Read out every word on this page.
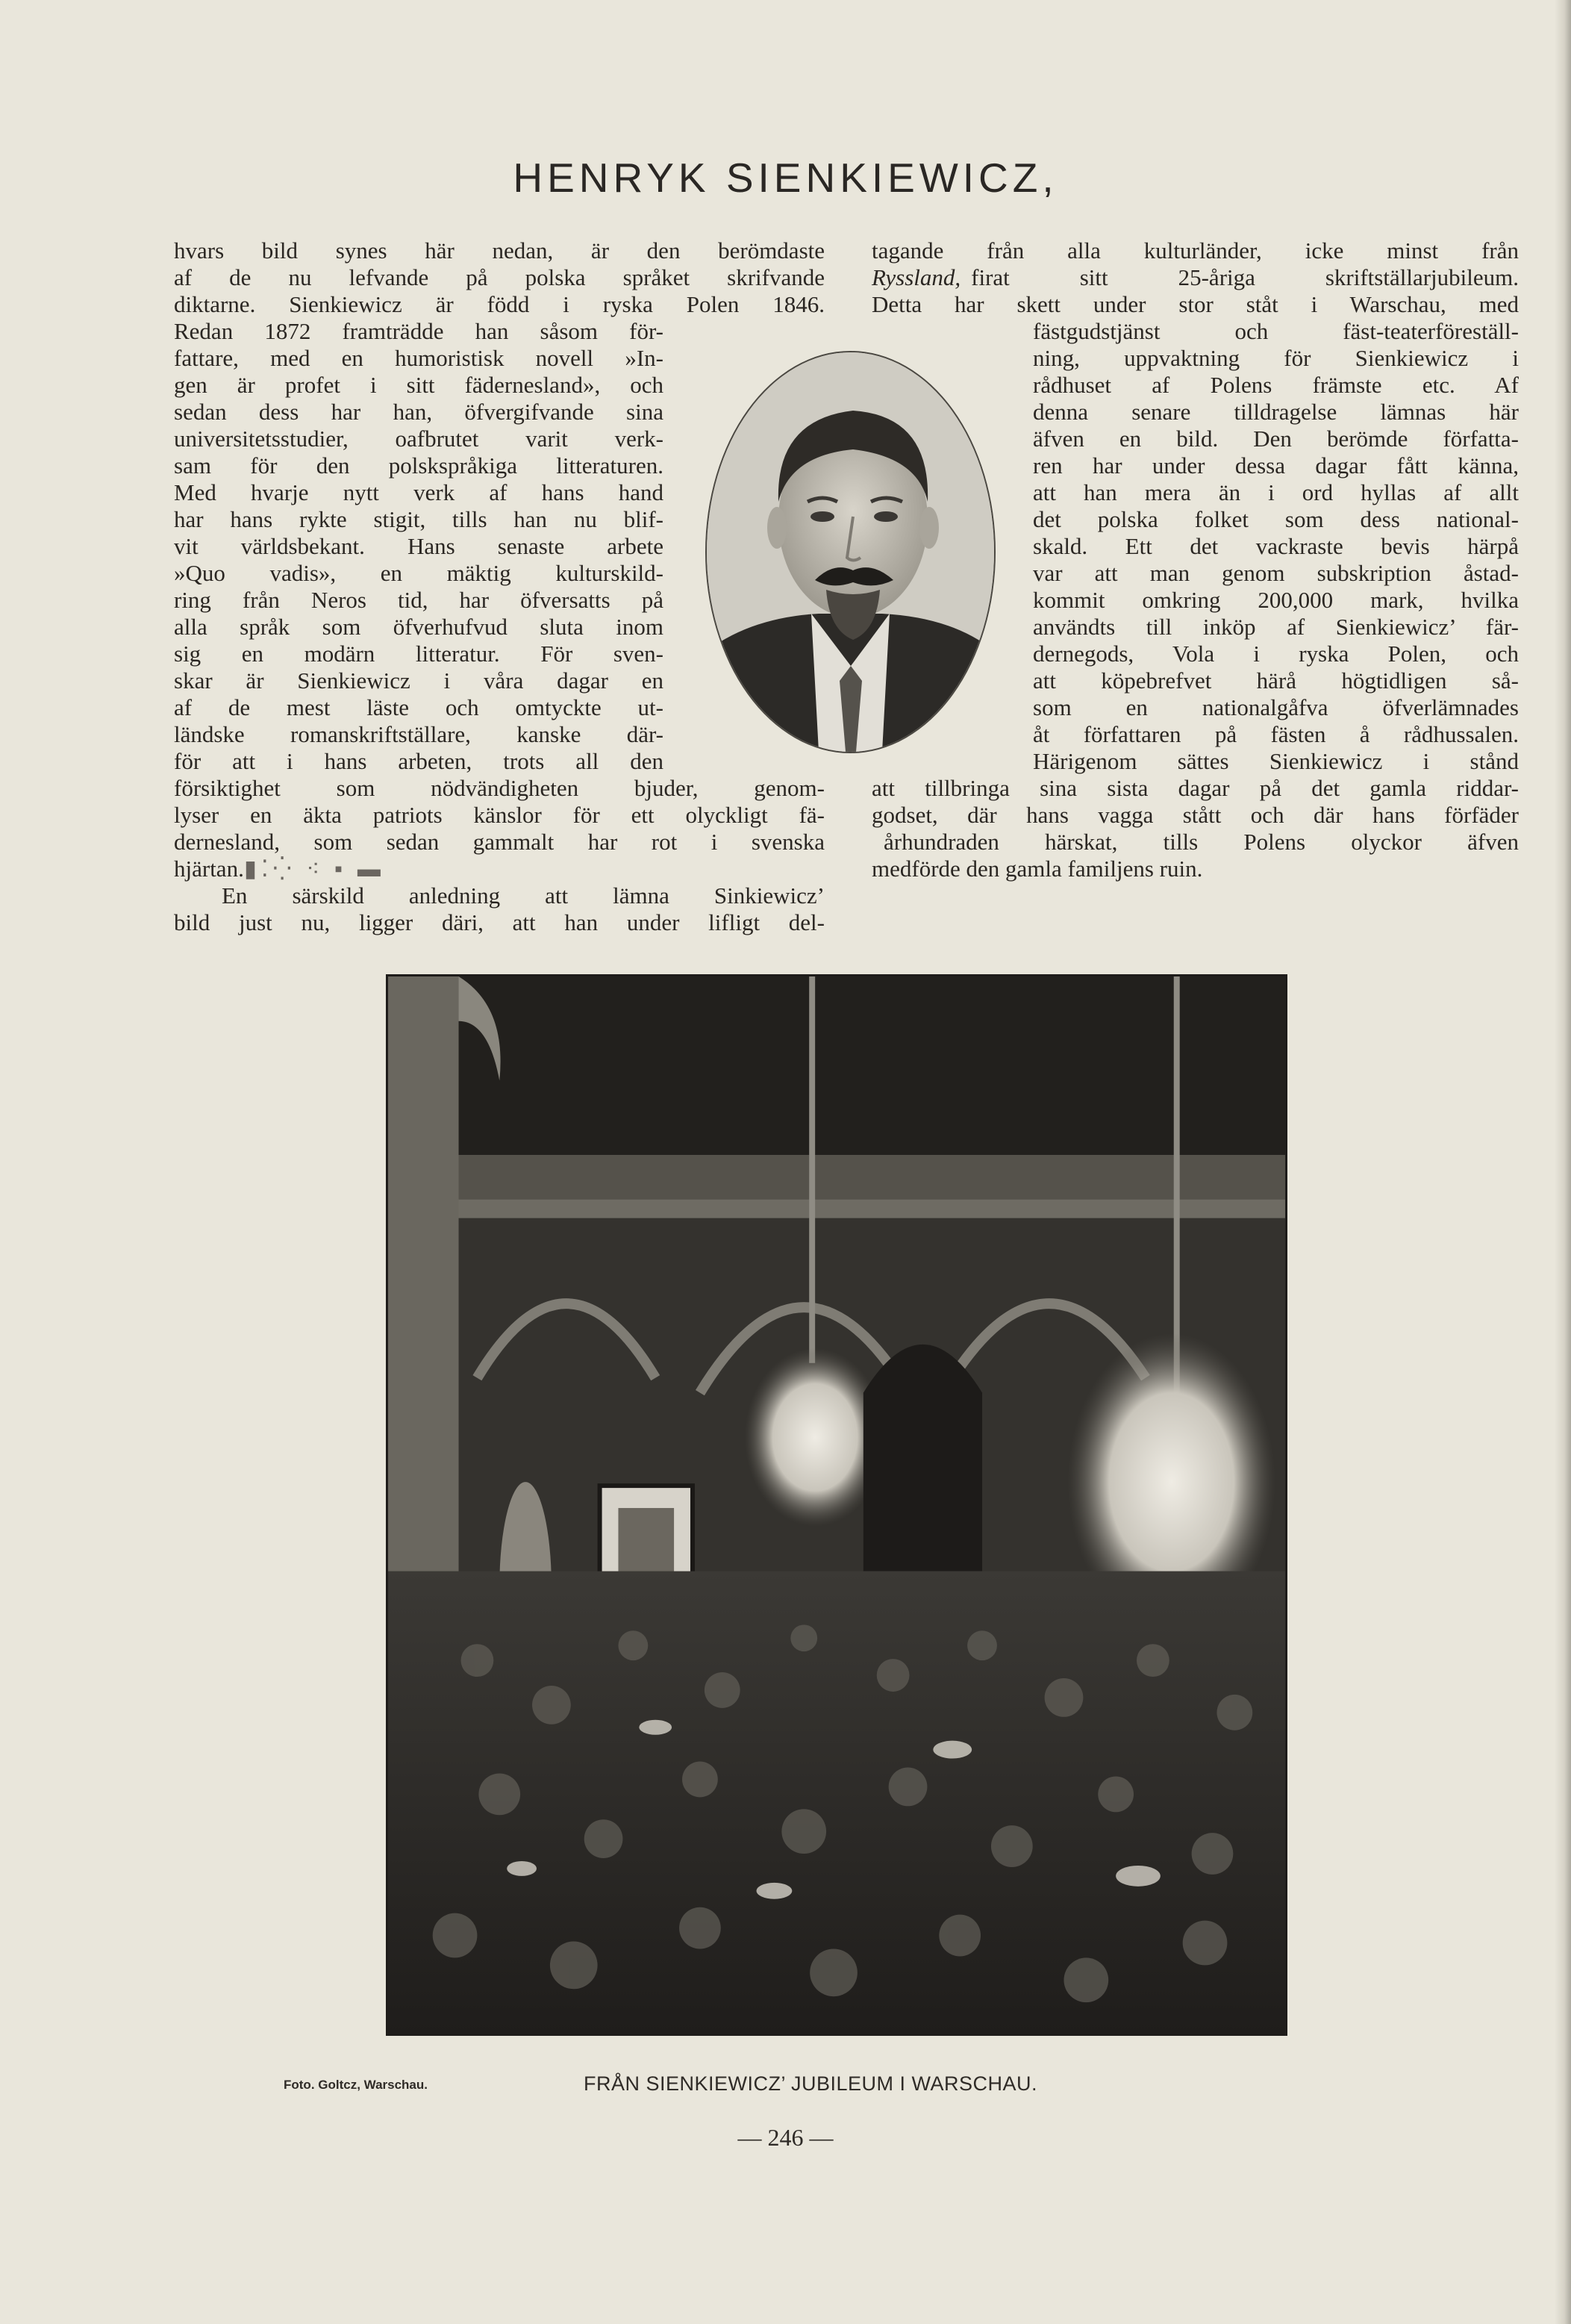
HENRYK SIENKIEWICZ,
hvars bild synes här nedan, är den berömdaste
af de nu lefvande på polska språket skrifvande
diktarne. Sienkiewicz är född i ryska Polen 1846.
Redan 1872 framträdde han såsom för-
fattare, med en humoristisk novell »In-
gen är profet i sitt fädernesland», och
sedan dess har han, öfvergifvande sina
universitetsstudier, oafbrutet varit verk-
sam för den polskspråkiga litteraturen.
Med hvarje nytt verk af hans hand
har hans rykte stigit, tills han nu blif-
vit världsbekant. Hans senaste arbete
»Quo vadis», en mäktig kulturskild-
ring från Neros tid, har öfversatts på
alla språk som öfverhufvud sluta inom
sig en modärn litteratur. För sven-
skar är Sienkiewicz i våra dagar en
af de mest läste och omtyckte ut-
ländske romanskriftställare, kanske där-
för att i hans arbeten, trots all den
försiktighet som nödvändigheten bjuder, genom-
lyser en äkta patriots känslor för ett olyckligt fä-
dernesland, som sedan gammalt har rot i svenska
hjärtan.▮⁚⁛ ⁖ ▪ ▬
En särskild anledning att lämna Sinkiewicz’
bild just nu, ligger däri, att han under lifligt del-
tagande från alla kulturländer, icke minst från
Ryssland, firat sitt 25-åriga skriftställarjubileum.
Detta har skett under stor ståt i Warschau, med
fästgudstjänst och fäst-teaterföreställ-
ning, uppvaktning för Sienkiewicz i
rådhuset af Polens främste etc. Af
denna senare tilldragelse lämnas här
äfven en bild. Den berömde författa-
ren har under dessa dagar fått känna,
att han mera än i ord hyllas af allt
det polska folket som dess national-
skald. Ett det vackraste bevis härpå
var att man genom subskription åstad-
kommit omkring 200,000 mark, hvilka
användts till inköp af Sienkiewicz’ fär-
dernegods, Vola i ryska Polen, och
att köpebrefvet härå högtidligen så-
som en nationalgåfva öfverlämnades
åt författaren på fästen å rådhussalen.
Härigenom sättes Sienkiewicz i stånd
att tillbringa sina sista dagar på det gamla riddar-
godset, där hans vagga stått och där hans förfäder
århundraden härskat, tills Polens olyckor äfven
medförde den gamla familjens ruin.
Foto. Goltcz, Warschau.	FRÅN SIENKIEWICZ’ JUBILEUM I WARSCHAU.
— 246 —
